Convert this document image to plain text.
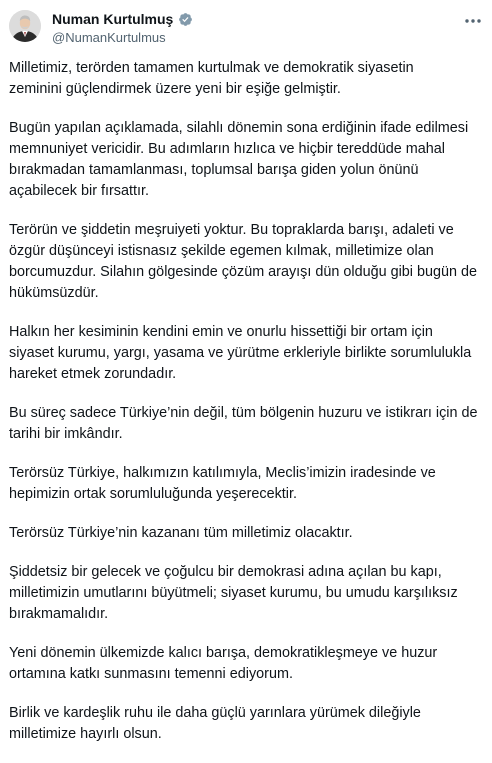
Numan Kurtulmuş
@NumanKurtulmus

Milletimiz, terörden tamamen kurtulmak ve demokratik siyasetin
zeminini güçlendirmek üzere yeni bir eşiğe gelmiştir.

Bugün yapılan açıklamada, silahlı dönemin sona erdiğinin ifade edilmesi
memnuniyet vericidir. Bu adımların hızlıca ve hiçbir tereddüde mahal
bırakmadan tamamlanması, toplumsal barışa giden yolun önünü
açabilecek bir fırsattır.

Terörün ve şiddetin meşruiyeti yoktur. Bu topraklarda barışı, adaleti ve
özgür düşünceyi istisnasız şekilde egemen kılmak, milletimize olan
borcumuzdur. Silahın gölgesinde çözüm arayışı dün olduğu gibi bugün de
hükümsüzdür.

Halkın her kesiminin kendini emin ve onurlu hissettiği bir ortam için
siyaset kurumu, yargı, yasama ve yürütme erkleriyle birlikte sorumlulukla
hareket etmek zorundadır.

Bu süreç sadece Türkiye’nin değil, tüm bölgenin huzuru ve istikrarı için de
tarihi bir imkândır.

Terörsüz Türkiye, halkımızın katılımıyla, Meclis’imizin iradesinde ve
hepimizin ortak sorumluluğunda yeşerecektir.

Terörsüz Türkiye’nin kazananı tüm milletimiz olacaktır.

Şiddetsiz bir gelecek ve çoğulcu bir demokrasi adına açılan bu kapı,
milletimizin umutlarını büyütmeli; siyaset kurumu, bu umudu karşılıksız
bırakmamalıdır.

Yeni dönemin ülkemizde kalıcı barışa, demokratikleşmeye ve huzur
ortamına katkı sunmasını temenni ediyorum.

Birlik ve kardeşlik ruhu ile daha güçlü yarınlara yürümek dileğiyle
milletimize hayırlı olsun.
